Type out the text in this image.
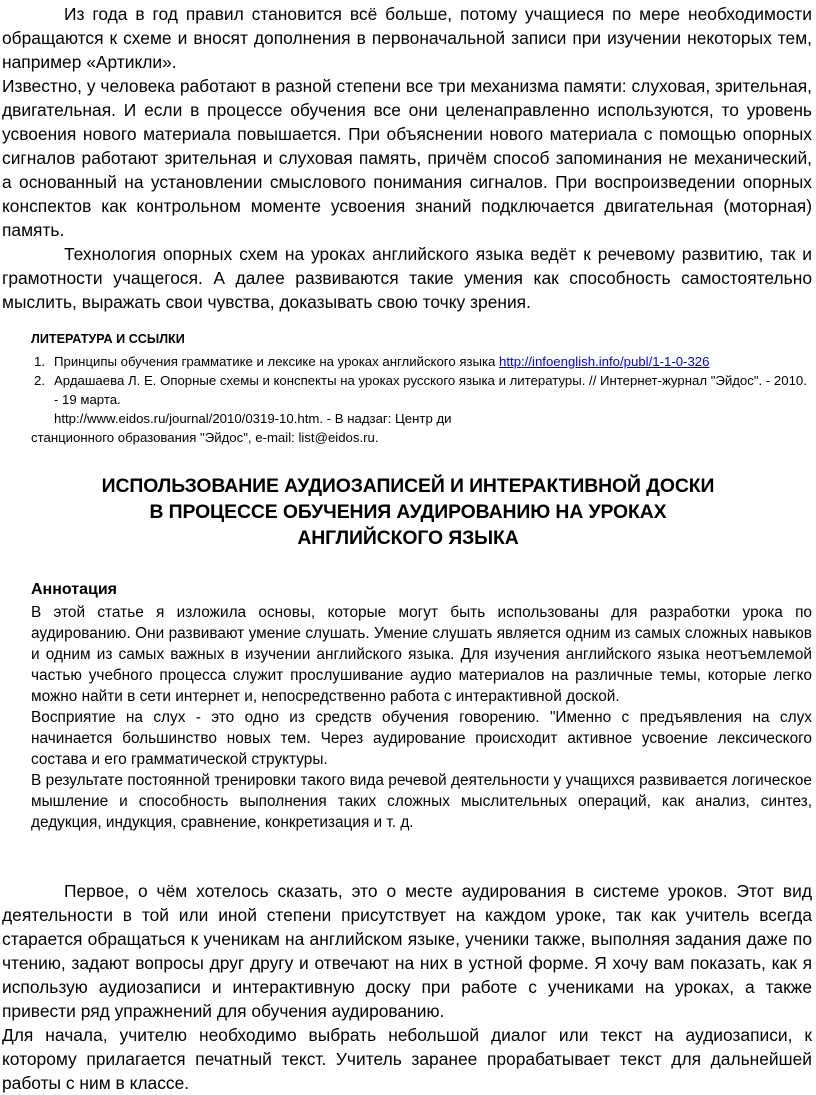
Из года в год правил становится всё больше, потому учащиеся по мере необходимости обращаются к схеме и вносят дополнения в первоначальной записи при изучении некоторых тем, например «Артикли».

Известно, у человека работают в разной степени все три механизма памяти: слуховая, зрительная, двигательная. И если в процессе обучения все они целенаправленно используются, то уровень усвоения нового материала повышается. При объяснении нового материала с помощью опорных сигналов работают зрительная и слуховая память, причём способ запоминания не механический, а основанный на установлении смыслового понимания сигналов. При воспроизведении опорных конспектов как контрольном моменте усвоения знаний подключается двигательная (моторная) память.

Технология опорных схем на уроках английского языка ведёт к речевому развитию, так и грамотности учащегося. А далее развиваются такие умения как способность самостоятельно мыслить, выражать свои чувства, доказывать свою точку зрения.

ЛИТЕРАТУРА И ССЫЛКИ
1. Принципы обучения грамматике и лексике на уроках английского языка http://infoenglish.info/publ/1-1-0-326
2. Ардашаева Л. Е. Опорные схемы и конспекты на уроках русского языка и литературы. // Интернет-журнал "Эйдос". - 2010. - 19 марта.
http://www.eidos.ru/journal/2010/0319-10.htm. - В надзаг: Центр ди
станционного образования "Эйдос", e-mail: list@eidos.ru.
ИСПОЛЬЗОВАНИЕ АУДИОЗАПИСЕЙ И ИНТЕРАКТИВНОЙ ДОСКИ
В ПРОЦЕССЕ ОБУЧЕНИЯ АУДИРОВАНИЮ НА УРОКАХ
АНГЛИЙСКОГО ЯЗЫКА
Аннотация

В этой статье я изложила основы, которые могут быть использованы для разработки урока по аудированию. Они развивают умение слушать. Умение слушать является одним из самых сложных навыков и одним из самых важных в изучении английского языка. Для изучения английского языка неотъемлемой частью учебного процесса служит прослушивание аудио материалов на различные темы, которые легко можно найти в сети интернет и, непосредственно работа с интерактивной доской.

Восприятие на слух - это одно из средств обучения говорению. "Именно с предъявления на слух начинается большинство новых тем. Через аудирование происходит активное усвоение лексического состава и его грамматической структуры.

В результате постоянной тренировки такого вида речевой деятельности у учащихся развивается логическое мышление и способность выполнения таких сложных мыслительных операций, как анализ, синтез, дедукция, индукция, сравнение, конкретизация и т. д.

Первое, о чём хотелось сказать, это о месте аудирования в системе уроков. Этот вид деятельности в той или иной степени присутствует на каждом уроке, так как учитель всегда старается обращаться к ученикам на английском языке, ученики также, выполняя задания даже по чтению, задают вопросы друг другу и отвечают на них в устной форме. Я хочу вам показать, как я использую аудиозаписи и интерактивную доску при работе с учениками на уроках, а также привести ряд упражнений для обучения аудированию.

Для начала, учителю необходимо выбрать небольшой диалог или текст на аудиозаписи, к которому прилагается печатный текст. Учитель заранее прорабатывает текст для дальнейшей работы с ним в классе.
